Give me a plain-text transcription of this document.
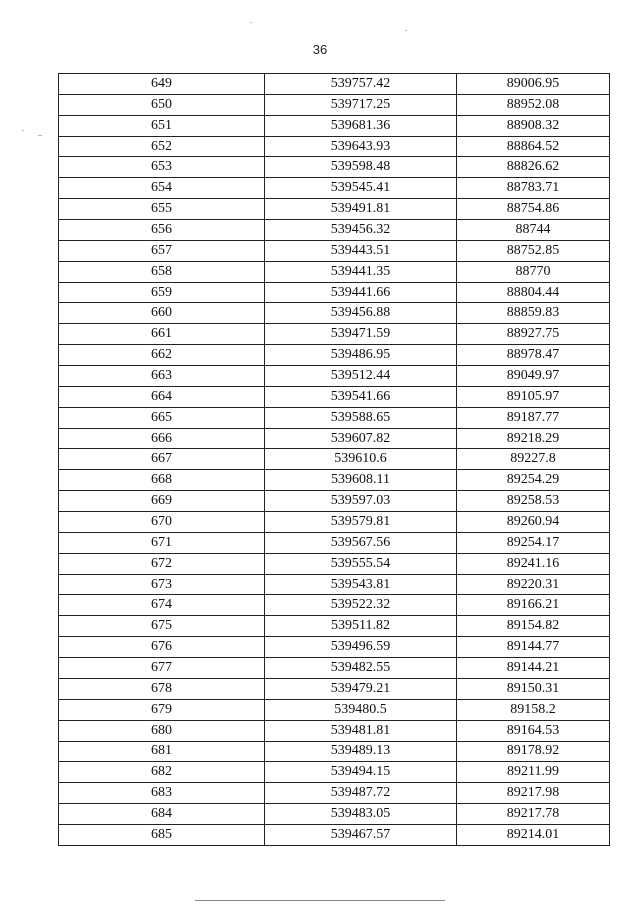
36
649	539757.42	89006.95
650	539717.25	88952.08
651	539681.36	88908.32
652	539643.93	88864.52
653	539598.48	88826.62
654	539545.41	88783.71
655	539491.81	88754.86
656	539456.32	88744
657	539443.51	88752.85
658	539441.35	88770
659	539441.66	88804.44
660	539456.88	88859.83
661	539471.59	88927.75
662	539486.95	88978.47
663	539512.44	89049.97
664	539541.66	89105.97
665	539588.65	89187.77
666	539607.82	89218.29
667	539610.6	89227.8
668	539608.11	89254.29
669	539597.03	89258.53
670	539579.81	89260.94
671	539567.56	89254.17
672	539555.54	89241.16
673	539543.81	89220.31
674	539522.32	89166.21
675	539511.82	89154.82
676	539496.59	89144.77
677	539482.55	89144.21
678	539479.21	89150.31
679	539480.5	89158.2
680	539481.81	89164.53
681	539489.13	89178.92
682	539494.15	89211.99
683	539487.72	89217.98
684	539483.05	89217.78
685	539467.57	89214.01
